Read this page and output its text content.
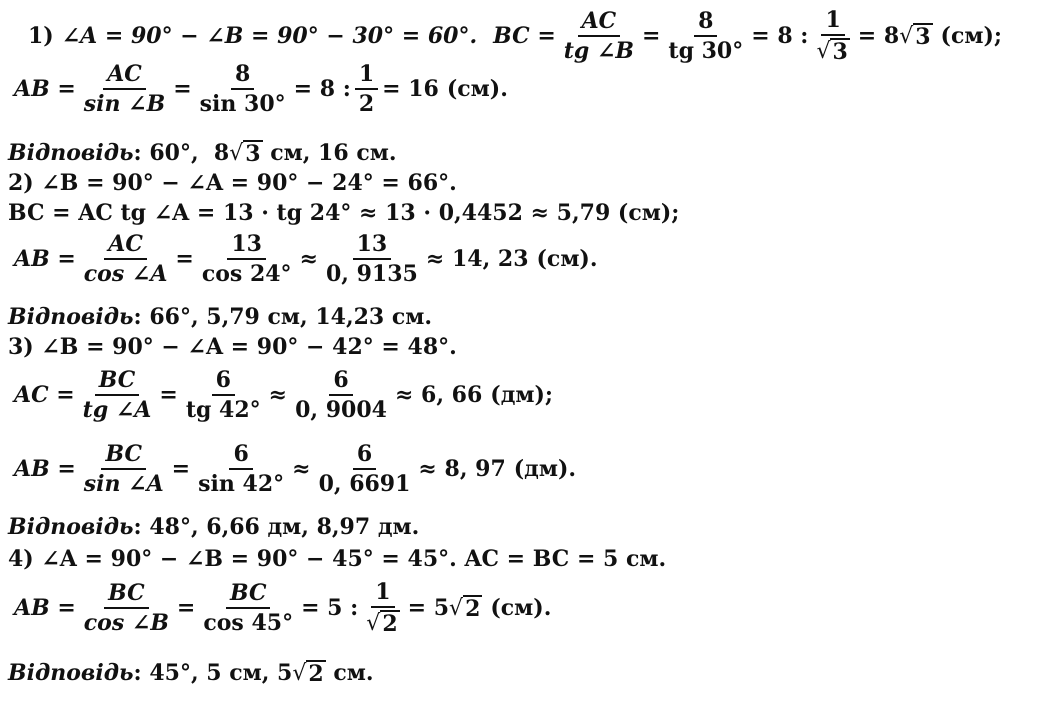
1) ∠A = 90° − ∠B = 90° − 30° = 60°. BC = $\frac{AC}{tg \angle B} = \frac{8}{tg 30^\circ} = 8$ : $\frac{1}{√ 3} = 8$ √ 3 (см);
AB = $\frac{AC}{\sin \angle B} = \frac{8}{\sin 30^\circ} = 8$ : $\frac{1}{2} = 16$ (см).
Відповідь : 60°,  8 √ 3 см, 16 см.
2) ∠B = 90° − ∠A = 90° − 24° = 66°.
BC = AC tg ∠A = 13 · tg 24° ≈ 13 · 0,4452 ≈ 5,79 (см);
AB = $\frac{AC}{\cos \angle A} = \frac{13}{\cos 24^\circ} \approx \frac{13}{0, 9135} \approx 14$, 23 (см).
Відповідь : 66°, 5,79 см, 14,23 см.
3) ∠B = 90° − ∠A = 90° − 42° = 48°.
AC = $\frac{BC}{tg \angle A} = \frac{6}{tg 42^\circ} \approx \frac{6}{0, 9004} \approx 6$, 66 (дм);
AB = $\frac{BC}{\sin \angle A} = \frac{6}{\sin 42^\circ} \approx \frac{6}{0, 6691} \approx 8$, 97 (дм).
Відповідь : 48°, 6,66 дм, 8,97 дм.
4) ∠A = 90° − ∠B = 90° − 45° = 45°. AC = BC = 5 см.
AB = $\frac{BC}{\cos \angle B} = \frac{BC}{\cos 45^\circ} = 5$ : $\frac{1}{√ 2} = 5$ √ 2 (см).
Відповідь : 45°, 5 см, 5 √ 2 см.
